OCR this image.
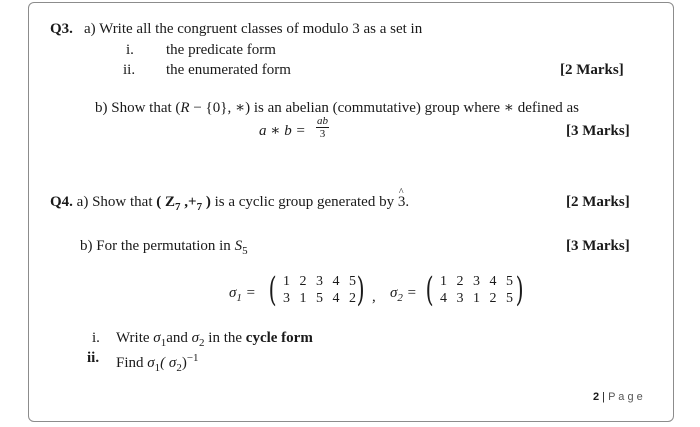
Q3. a) Write all the congruent classes of modulo 3 as a set in
i. the predicate form
ii. the enumerated form	[2 Marks]
b) Show that (R − {0}, ∗) is an abelian (commutative) group where ∗ defined as
a ∗ $b = \frac{ab}{3}$	[3 Marks]
Q4. a) Show that ( $Z_7$ $,+_7$ ) is a cyclic group generated by ^ 3.	[2 Marks]
b) For the permutation in $S_5$	[3 Marks]
$\sigma_1$ = ( 1 2 3 4 5
3 1 5 4 2
) , $\sigma_2$ = ( 1 2 3 4 5
4 3 1 2 5 )
i. Write $\sigma_1and$ $\sigma_2$ in the cycle form
ii. Find $\sigma_1$( $\sigma_2)^{-1}$
2 | P a g e
